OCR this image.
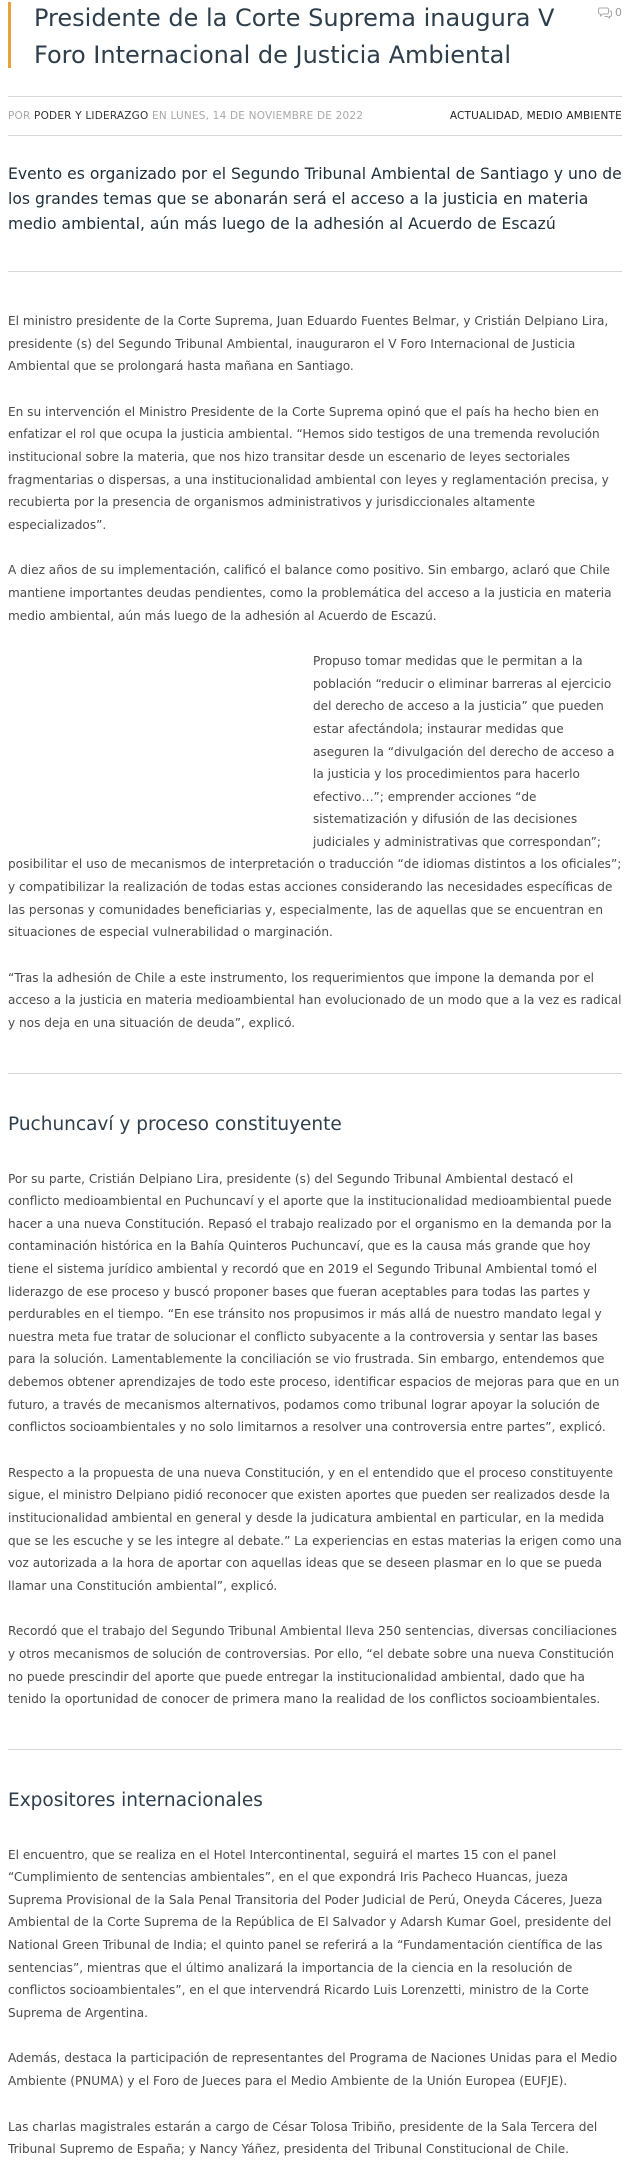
Presidente de la Corte Suprema inaugura V Foro Internacional de Justicia Ambiental
0
POR PODER Y LIDERAZGO EN LUNES, 14 DE NOVIEMBRE DE 2022	ACTUALIDAD, MEDIO AMBIENTE
Evento es organizado por el Segundo Tribunal Ambiental de Santiago y uno de los grandes temas que se abonarán será el acceso a la justicia en materia medio ambiental, aún más luego de la adhesión al Acuerdo de Escazú

El ministro presidente de la Corte Suprema, Juan Eduardo Fuentes Belmar, y Cristián Delpiano Lira, presidente (s) del Segundo Tribunal Ambiental, inauguraron el V Foro Internacional de Justicia Ambiental que se prolongará hasta mañana en Santiago.

En su intervención el Ministro Presidente de la Corte Suprema opinó que el país ha hecho bien en enfatizar el rol que ocupa la justicia ambiental. “Hemos sido testigos de una tremenda revolución institucional sobre la materia, que nos hizo transitar desde un escenario de leyes sectoriales fragmentarias o dispersas, a una institucionalidad ambiental con leyes y reglamentación precisa, y recubierta por la presencia de organismos administrativos y jurisdiccionales altamente especializados”.

A diez años de su implementación, calificó el balance como positivo. Sin embargo, aclaró que Chile mantiene importantes deudas pendientes, como la problemática del acceso a la justicia en materia medio ambiental, aún más luego de la adhesión al Acuerdo de Escazú.

Propuso tomar medidas que le permitan a la población “reducir o eliminar barreras al ejercicio del derecho de acceso a la justicia” que pueden estar afectándola; instaurar medidas que aseguren la “divulgación del derecho de acceso a la justicia y los procedimientos para hacerlo efectivo…”; emprender acciones “de sistematización y difusión de las decisiones judiciales y administrativas que correspondan”; posibilitar el uso de mecanismos de interpretación o traducción “de idiomas distintos a los oficiales”; y compatibilizar la realización de todas estas acciones considerando las necesidades específicas de las personas y comunidades beneficiarias y, especialmente, las de aquellas que se encuentran en situaciones de especial vulnerabilidad o marginación.

“Tras la adhesión de Chile a este instrumento, los requerimientos que impone la demanda por el acceso a la justicia en materia medioambiental han evolucionado de un modo que a la vez es radical y nos deja en una situación de deuda”, explicó.

Puchuncaví y proceso constituyente

Por su parte, Cristián Delpiano Lira, presidente (s) del Segundo Tribunal Ambiental destacó el conflicto medioambiental en Puchuncaví y el aporte que la institucionalidad medioambiental puede hacer a una nueva Constitución. Repasó el trabajo realizado por el organismo en la demanda por la contaminación histórica en la Bahía Quinteros Puchuncaví, que es la causa más grande que hoy tiene el sistema jurídico ambiental y recordó que en 2019 el Segundo Tribunal Ambiental tomó el liderazgo de ese proceso y buscó proponer bases que fueran aceptables para todas las partes y perdurables en el tiempo. “En ese tránsito nos propusimos ir más allá de nuestro mandato legal y nuestra meta fue tratar de solucionar el conflicto subyacente a la controversia y sentar las bases para la solución. Lamentablemente la conciliación se vio frustrada. Sin embargo, entendemos que debemos obtener aprendizajes de todo este proceso, identificar espacios de mejoras para que en un futuro, a través de mecanismos alternativos, podamos como tribunal lograr apoyar la solución de conflictos socioambientales y no solo limitarnos a resolver una controversia entre partes”, explicó.

Respecto a la propuesta de una nueva Constitución, y en el entendido que el proceso constituyente sigue, el ministro Delpiano pidió reconocer que existen aportes que pueden ser realizados desde la institucionalidad ambiental en general y desde la judicatura ambiental en particular, en la medida que se les escuche y se les integre al debate.” La experiencias en estas materias la erigen como una voz autorizada a la hora de aportar con aquellas ideas que se deseen plasmar en lo que se pueda llamar una Constitución ambiental”, explicó.

Recordó que el trabajo del Segundo Tribunal Ambiental lleva 250 sentencias, diversas conciliaciones y otros mecanismos de solución de controversias. Por ello, “el debate sobre una nueva Constitución no puede prescindir del aporte que puede entregar la institucionalidad ambiental, dado que ha tenido la oportunidad de conocer de primera mano la realidad de los conflictos socioambientales.

Expositores internacionales

El encuentro, que se realiza en el Hotel Intercontinental, seguirá el martes 15 con el panel “Cumplimiento de sentencias ambientales”, en el que expondrá Iris Pacheco Huancas, jueza Suprema Provisional de la Sala Penal Transitoria del Poder Judicial de Perú, Oneyda Cáceres, Jueza Ambiental de la Corte Suprema de la República de El Salvador y Adarsh Kumar Goel, presidente del National Green Tribunal de India; el quinto panel se referirá a la “Fundamentación científica de las sentencias”, mientras que el último analizará la importancia de la ciencia en la resolución de conflictos socioambientales”, en el que intervendrá Ricardo Luis Lorenzetti, ministro de la Corte Suprema de Argentina.

Además, destaca la participación de representantes del Programa de Naciones Unidas para el Medio Ambiente (PNUMA) y el Foro de Jueces para el Medio Ambiente de la Unión Europea (EUFJE).

Las charlas magistrales estarán a cargo de César Tolosa Tribiño, presidente de la Sala Tercera del Tribunal Supremo de España; y Nancy Yáñez, presidenta del Tribunal Constitucional de Chile.
